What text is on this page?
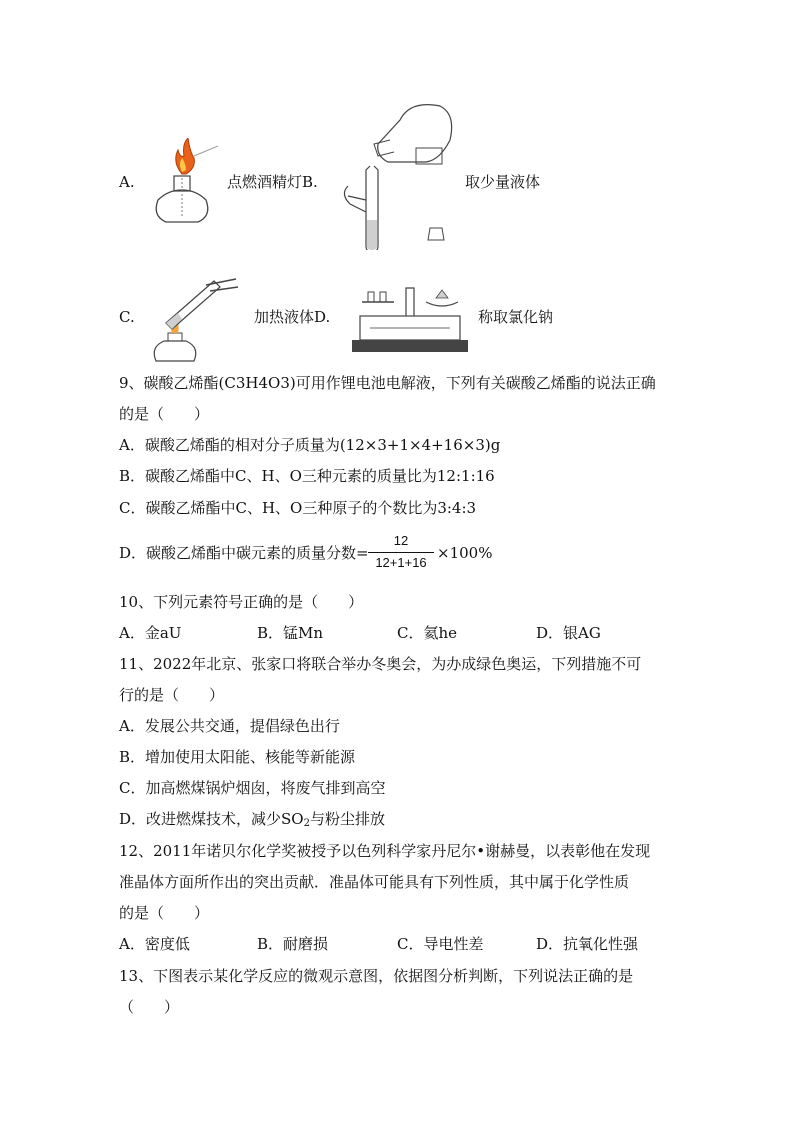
A.	点燃酒精灯B.	取少量液体
C.	加热液体D.	称取氯化钠
9、碳酸乙烯酯(C3H4O3)可用作锂电池电解液，下列有关碳酸乙烯酯的说法正确
的是（　　）
A．碳酸乙烯酯的相对分子质量为(12×3+1×4+16×3)g
B．碳酸乙烯酯中C、H、O三种元素的质量比为12:1:16
C．碳酸乙烯酯中C、H、O三种原子的个数比为3:4:3
D．碳酸乙烯酯中碳元素的质量分数=
12
12+1+16
×100%
10、下列元素符号正确的是（　　）
A．金aU	B．锰Mn	C．氦he	D．银AG
11、2022年北京、张家口将联合举办冬奥会，为办成绿色奥运，下列措施不可
行的是（　　）
A．发展公共交通，提倡绿色出行
B．增加使用太阳能、核能等新能源
C．加高燃煤锅炉烟囱，将废气排到高空
D．改进燃煤技术，减少$SO_2$与粉尘排放
12、2011年诺贝尔化学奖被授予以色列科学家丹尼尔•谢赫曼，以表彰他在发现
准晶体方面所作出的突出贡献．准晶体可能具有下列性质，其中属于化学性质
的是（　　）
A．密度低	B．耐磨损	C．导电性差	D．抗氧化性强
13、下图表示某化学反应的微观示意图，依据图分析判断，下列说法正确的是
（　　）
